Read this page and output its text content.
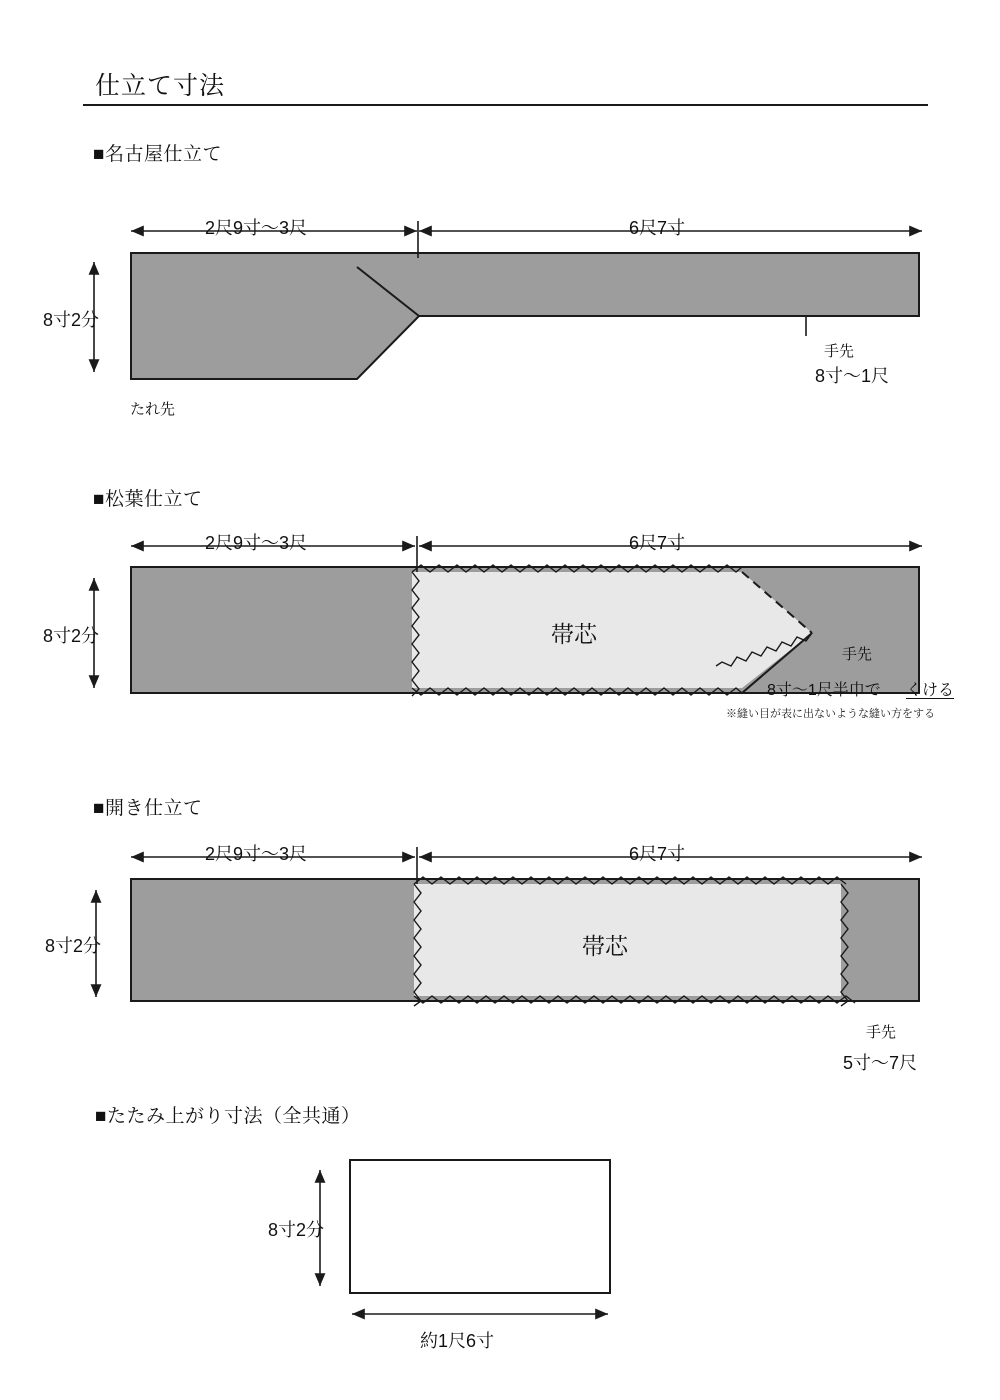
仕立て寸法
■名古屋仕立て
■松葉仕立て
■開き仕立て
■たたみ上がり寸法（全共通）
2尺9寸～3尺	6尺7寸
8寸2分
手先
8寸～1尺
たれ先
2尺9寸～3尺	6尺7寸
8寸2分	帯芯
手先
8寸～1尺半巾で くける
※縫い目が表に出ないような縫い方をする
2尺9寸～3尺	6尺7寸
8寸2分	帯芯
手先
5寸～7尺
8寸2分
約1尺6寸
